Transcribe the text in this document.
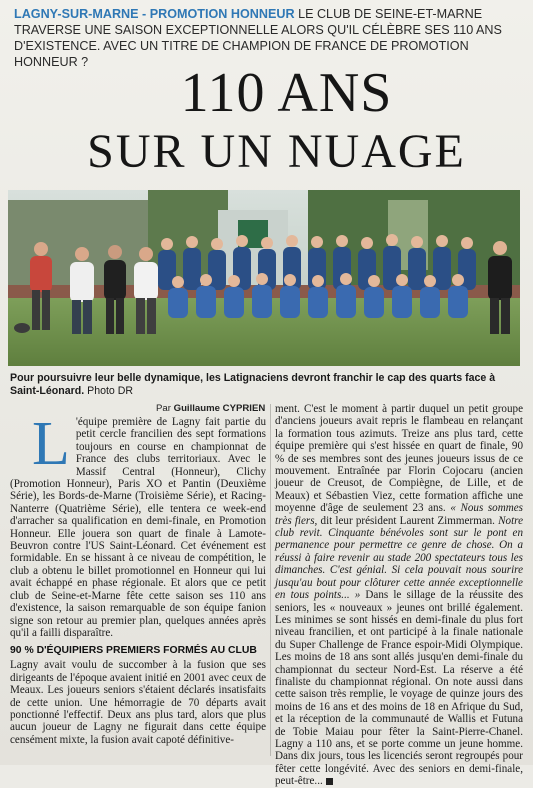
LAGNY-SUR-MARNE - PROMOTION HONNEUR LE CLUB DE SEINE-ET-MARNE TRAVERSE UNE SAISON EXCEPTIONNELLE ALORS QU'IL CÉLÈBRE SES 110 ANS D'EXISTENCE. AVEC UN TITRE DE CHAMPION DE FRANCE DE PROMOTION HONNEUR ?	110 ANS
SUR UN NUAGE
Pour poursuivre leur belle dynamique, les Latignaciens devront franchir le cap des quarts face à Saint-Léonard. Photo DR
Par Guillaume CYPRIEN
L 'équipe première de Lagny fait partie du petit cercle francilien des sept formations toujours en course en championnat de France des clubs territoriaux. Avec le Massif Central (Honneur), Clichy (Promotion Honneur), Paris XO et Pantin (Deuxième Série), les Bords-de-Marne (Troisième Série), et Racing-Nanterre (Quatrième Série), elle tentera ce week-end d'arracher sa qualification en demi-finale, en Promotion Honneur. Elle jouera son quart de finale à Lamote-Beuvron contre l'US Saint-Léonard. Cet événement est formidable. En se hissant à ce niveau de compétition, le club a obtenu le billet promotionnel en Honneur qui lui avait échappé en phase régionale. Et alors que ce petit club de Seine-et-Marne fête cette saison ses 110 ans d'existence, la saison remarquable de son équipe fanion signe son retour au premier plan, quelques années après qu'il a failli disparaître.

90 % D'ÉQUIPIERS PREMIERS FORMÉS AU CLUB

Lagny avait voulu de succomber à la fusion que ses dirigeants de l'époque avaient initié en 2001 avec ceux de Meaux. Les joueurs seniors s'étaient déclarés insatisfaits de cette union. Une hémorragie de 70 départs avait ponctionné l'effectif. Deux ans plus tard, alors que plus aucun joueur de Lagny ne figurait dans cette équipe censément mixte, la fusion avait capoté définitive-

ment. C'est le moment à partir duquel un petit groupe d'anciens joueurs avait repris le flambeau en relançant la formation tous azimuts. Treize ans plus tard, cette équipe première qui s'est hissée en quart de finale, 90 % de ses membres sont des jeunes joueurs issus de ce mouvement. Entraînée par Florin Cojocaru (ancien joueur de Creusot, de Compiègne, de Lille, et de Meaux) et Sébastien Viez, cette formation affiche une moyenne d'âge de seulement 23 ans. « Nous sommes très fiers, dit leur président Laurent Zimmerman. Notre club revit. Cinquante bénévoles sont sur le pont en permanence pour permettre ce genre de chose. On a réussi à faire revenir au stade 200 spectateurs tous les dimanches. C'est génial. Si cela pouvait nous sourire jusqu'au bout pour clôturer cette année exceptionnelle en tous points... » Dans le sillage de la réussite des seniors, les « nouveaux » jeunes ont brillé également. Les minimes se sont hissés en demi-finale du plus fort niveau francilien, et ont participé à la finale nationale du Super Challenge de France espoir-Midi Olympique. Les moins de 18 ans sont allés jusqu'en demi-finale du championnat du secteur Nord-Est. La réserve a été finaliste du championnat régional. On note aussi dans cette saison très remplie, le voyage de quinze jours des moins de 16 ans et des moins de 18 en Afrique du Sud, et la réception de la communauté de Wallis et Futuna de Tobie Maiau pour fêter la Saint-Pierre-Chanel. Lagny a 110 ans, et se porte comme un jeune homme. Dans dix jours, tous les licenciés seront regroupés pour fêter cette longévité. Avec des seniors en demi-finale, peut-être...
